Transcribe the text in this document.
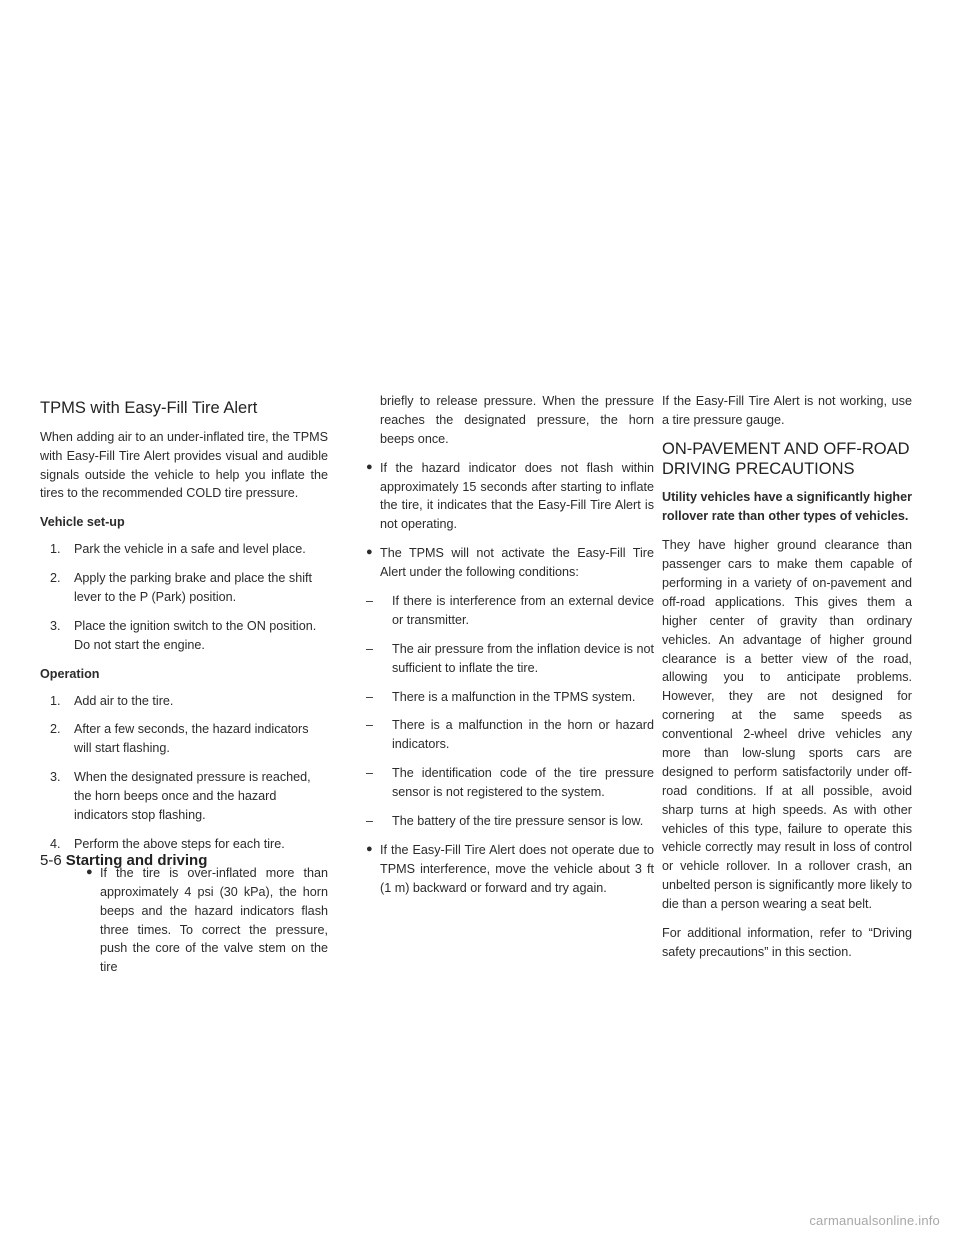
TPMS with Easy-Fill Tire Alert

When adding air to an under-inflated tire, the TPMS with Easy-Fill Tire Alert provides visual and audible signals outside the vehicle to help you inflate the tires to the recommended COLD tire pressure.

Vehicle set-up
1. Park the vehicle in a safe and level place.
2. Apply the parking brake and place the shift lever to the P (Park) position.
3. Place the ignition switch to the ON position. Do not start the engine.
Operation
1. Add air to the tire.
2. After a few seconds, the hazard indicators will start flashing.
3. When the designated pressure is reached, the horn beeps once and the hazard indicators stop flashing.
4. Perform the above steps for each tire.
● If the tire is over-inflated more than approximately 4 psi (30 kPa), the horn beeps and the hazard indicators flash three times. To correct the pressure, push the core of the valve stem on the tire

briefly to release pressure. When the pressure reaches the designated pressure, the horn beeps once.

● If the hazard indicator does not flash within approximately 15 seconds after starting to inflate the tire, it indicates that the Easy-Fill Tire Alert is not operating.
● The TPMS will not activate the Easy-Fill Tire Alert under the following conditions:
– If there is interference from an external device or transmitter.
– The air pressure from the inflation device is not sufficient to inflate the tire.
– There is a malfunction in the TPMS system.
– There is a malfunction in the horn or hazard indicators.
– The identification code of the tire pressure sensor is not registered to the system.
– The battery of the tire pressure sensor is low.
● If the Easy-Fill Tire Alert does not operate due to TPMS interference, move the vehicle about 3 ft (1 m) backward or forward and try again.

If the Easy-Fill Tire Alert is not working, use a tire pressure gauge.

ON-PAVEMENT AND OFF-ROAD
DRIVING PRECAUTIONS

Utility vehicles have a significantly higher rollover rate than other types of vehicles.

They have higher ground clearance than passenger cars to make them capable of performing in a variety of on-pavement and off-road applications. This gives them a higher center of gravity than ordinary vehicles. An advantage of higher ground clearance is a better view of the road, allowing you to anticipate problems. However, they are not designed for cornering at the same speeds as conventional 2-wheel drive vehicles any more than low-slung sports cars are designed to perform satisfactorily under off-road conditions. If at all possible, avoid sharp turns at high speeds. As with other vehicles of this type, failure to operate this vehicle correctly may result in loss of control or vehicle rollover. In a rollover crash, an unbelted person is significantly more likely to die than a person wearing a seat belt.

For additional information, refer to “Driving safety precautions” in this section.

5-6 Starting and driving
carmanualsonline.info
